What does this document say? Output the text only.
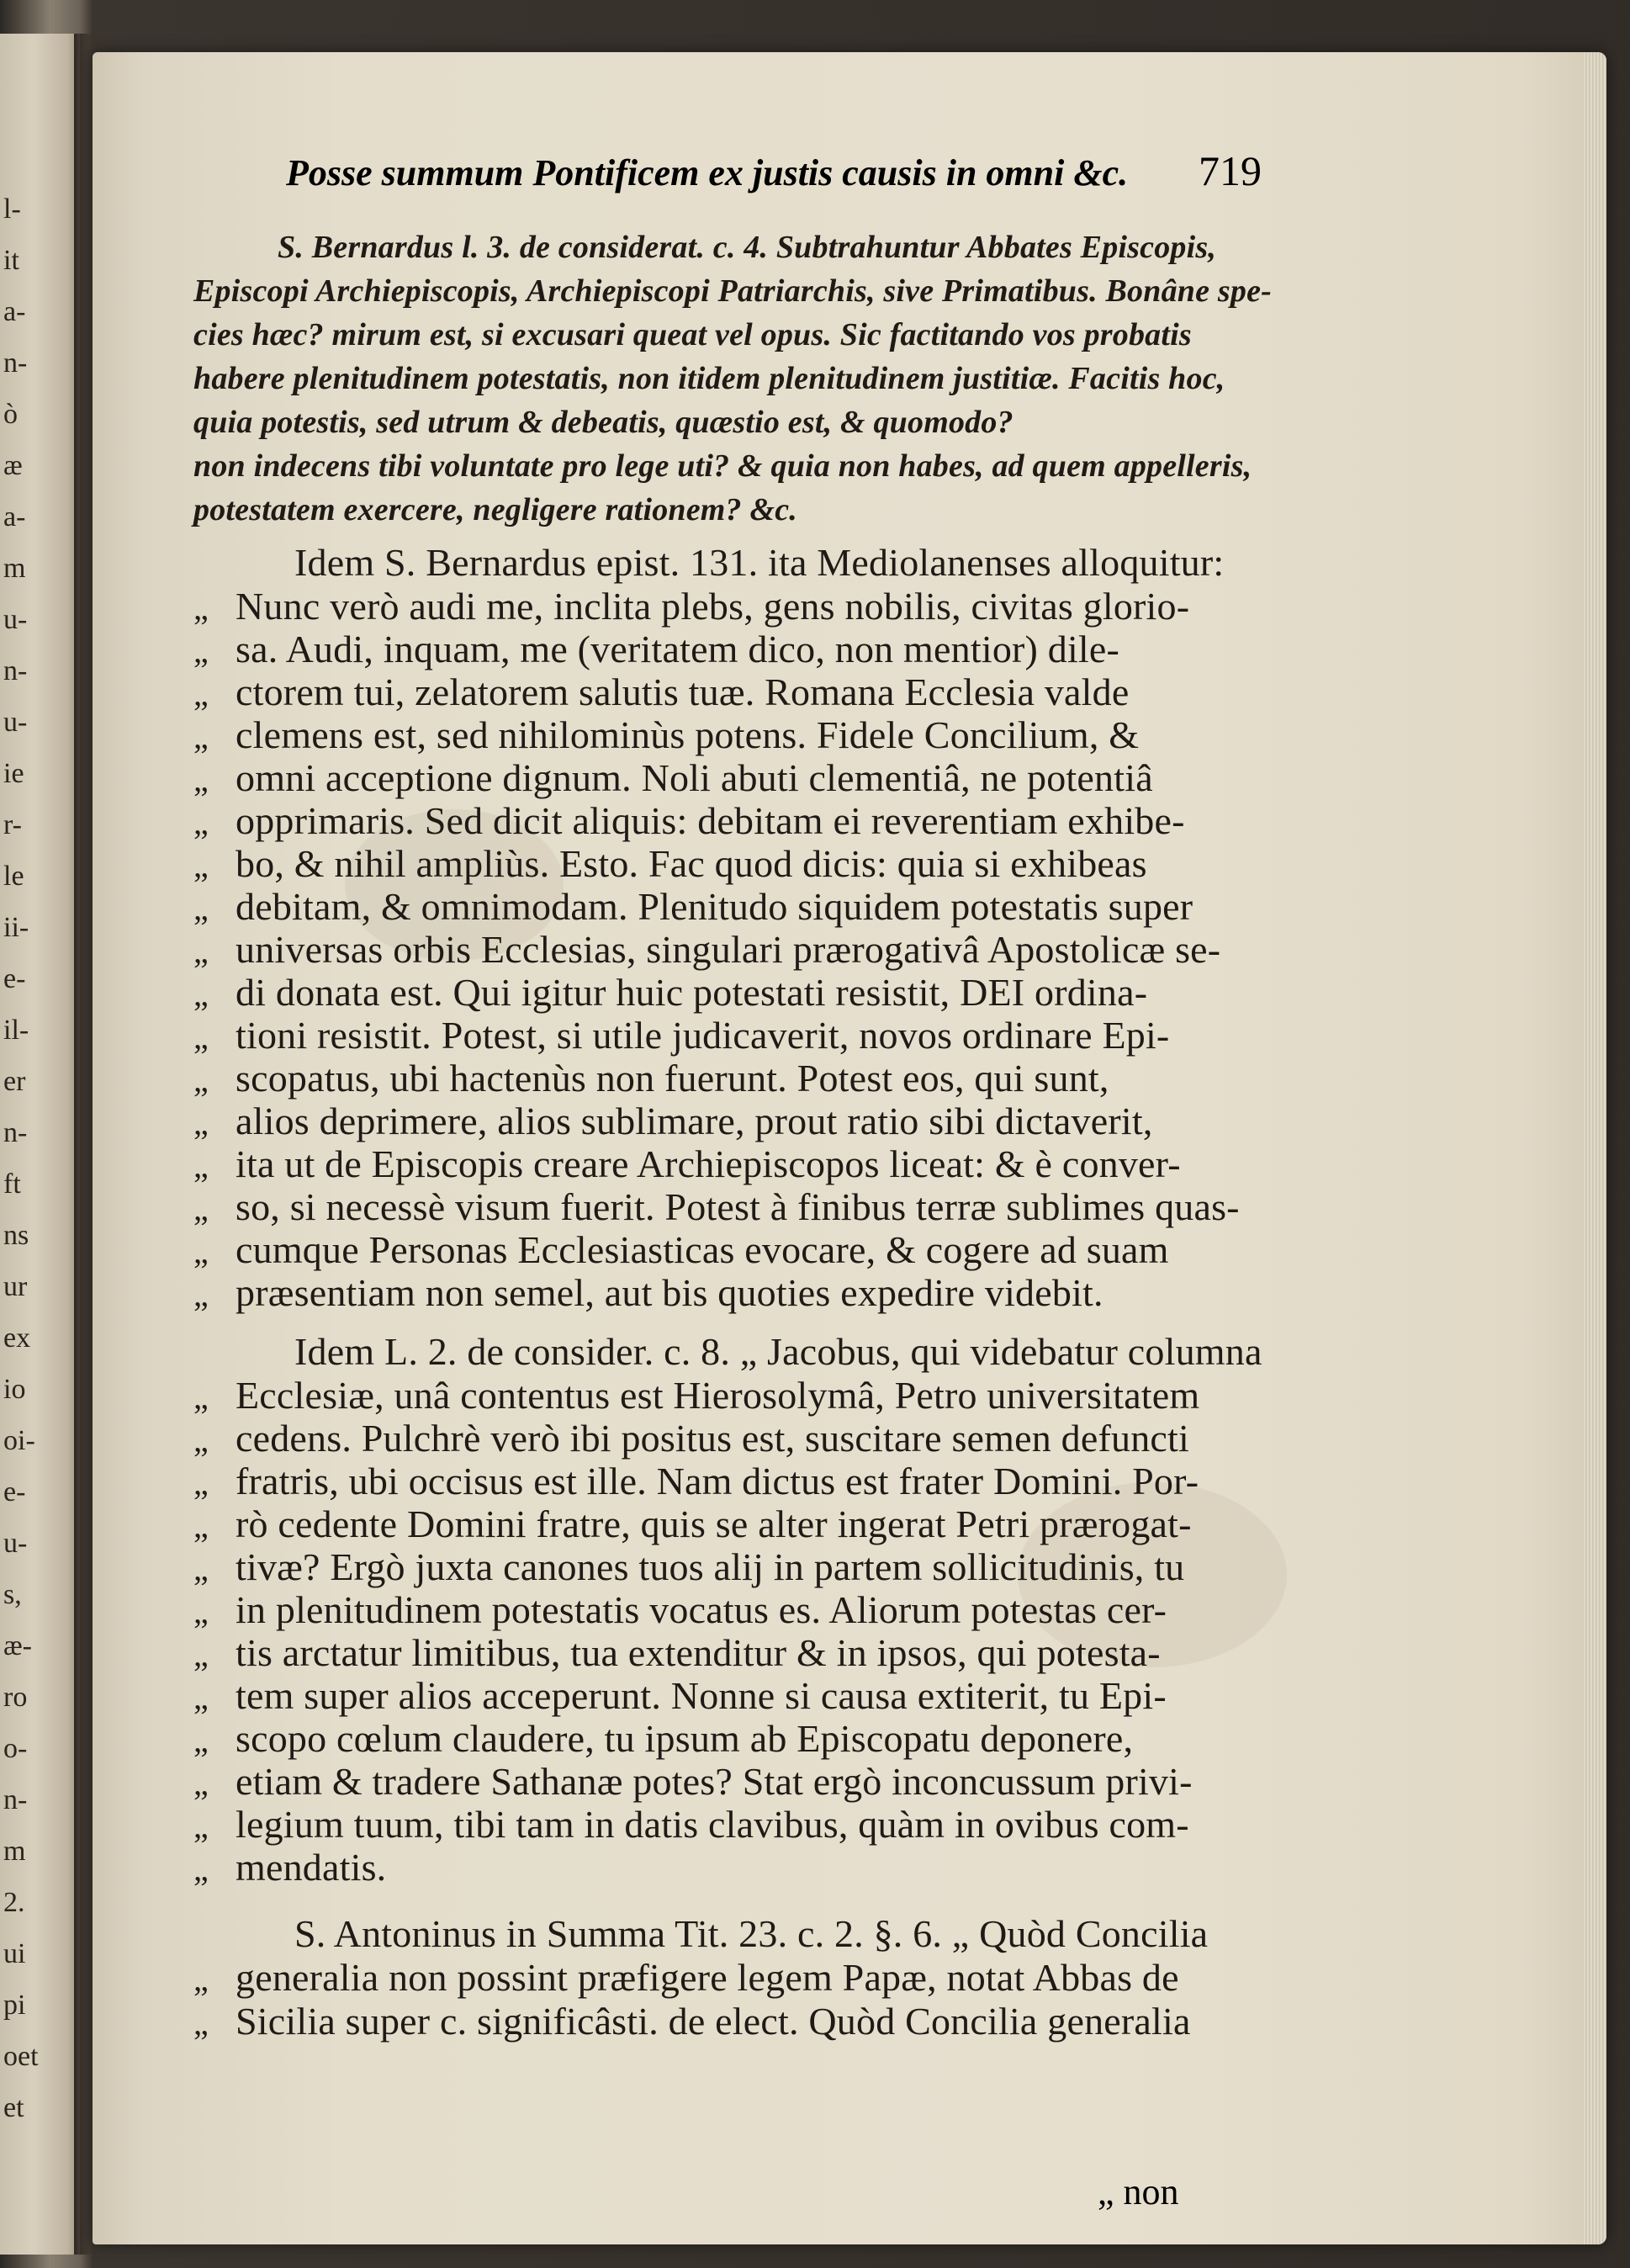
l-
it
a-
n-
ò
æ
a-
m
u-
n-
u-
ie
r-
le
ii-
e-
il-
er
n-
ft
ns
ur
ex
io
oi-
e-
u-
s,
æ-
ro
o-
n-
m
2.
ui
pi
oet
et
Posse summum Pontificem ex justis causis in omni &c. 719
S. Bernardus l. 3. de considerat. c. 4. Subtrahuntur Abbates Episcopis,
Episcopi Archiepiscopis, Archiepiscopi Patriarchis, sive Primatibus. Bonâne spe-
cies hæc? mirum est, si excusari queat vel opus. Sic factitando vos probatis
habere plenitudinem potestatis, non itidem plenitudinem justitiæ. Facitis hoc,
quia potestis, sed utrum & debeatis, quæstio est, & quomodo?
non indecens tibi voluntate pro lege uti? & quia non habes, ad quem appelleris,
potestatem exercere, negligere rationem? &c.
Idem S. Bernardus epist. 131. ita Mediolanenses alloquitur:
„ Nunc verò audi me, inclita plebs, gens nobilis, civitas glorio-
„ sa. Audi, inquam, me (veritatem dico, non mentior) dile-
„ ctorem tui, zelatorem salutis tuæ. Romana Ecclesia valde
„ clemens est, sed nihilominùs potens. Fidele Concilium, &
„ omni acceptione dignum. Noli abuti clementiâ, ne potentiâ
„ opprimaris. Sed dicit aliquis: debitam ei reverentiam exhibe-
„ bo, & nihil ampliùs. Esto. Fac quod dicis: quia si exhibeas
„ debitam, & omnimodam. Plenitudo siquidem potestatis super
„ universas orbis Ecclesias, singulari prærogativâ Apostolicæ se-
„ di donata est. Qui igitur huic potestati resistit, DEI ordina-
„ tioni resistit. Potest, si utile judicaverit, novos ordinare Epi-
„ scopatus, ubi hactenùs non fuerunt. Potest eos, qui sunt,
„ alios deprimere, alios sublimare, prout ratio sibi dictaverit,
„ ita ut de Episcopis creare Archiepiscopos liceat: & è conver-
„ so, si necessè visum fuerit. Potest à finibus terræ sublimes quas-
„ cumque Personas Ecclesiasticas evocare, & cogere ad suam
„ præsentiam non semel, aut bis quoties expedire videbit.
Idem L. 2. de consider. c. 8. „ Jacobus, qui videbatur columna
„ Ecclesiæ, unâ contentus est Hierosolymâ, Petro universitatem
„ cedens. Pulchrè verò ibi positus est, suscitare semen defuncti
„ fratris, ubi occisus est ille. Nam dictus est frater Domini. Por-
„ rò cedente Domini fratre, quis se alter ingerat Petri prærogat-
„ tivæ? Ergò juxta canones tuos alij in partem sollicitudinis, tu
„ in plenitudinem potestatis vocatus es. Aliorum potestas cer-
„ tis arctatur limitibus, tua extenditur & in ipsos, qui potesta-
„ tem super alios acceperunt. Nonne si causa extiterit, tu Epi-
„ scopo cœlum claudere, tu ipsum ab Episcopatu deponere,
„ etiam & tradere Sathanæ potes? Stat ergò inconcussum privi-
„ legium tuum, tibi tam in datis clavibus, quàm in ovibus com-
„ mendatis.
S. Antoninus in Summa Tit. 23. c. 2. §. 6. „ Quòd Concilia
„ generalia non possint præfigere legem Papæ, notat Abbas de
„ Sicilia super c. significâsti. de elect. Quòd Concilia generalia
„ non
